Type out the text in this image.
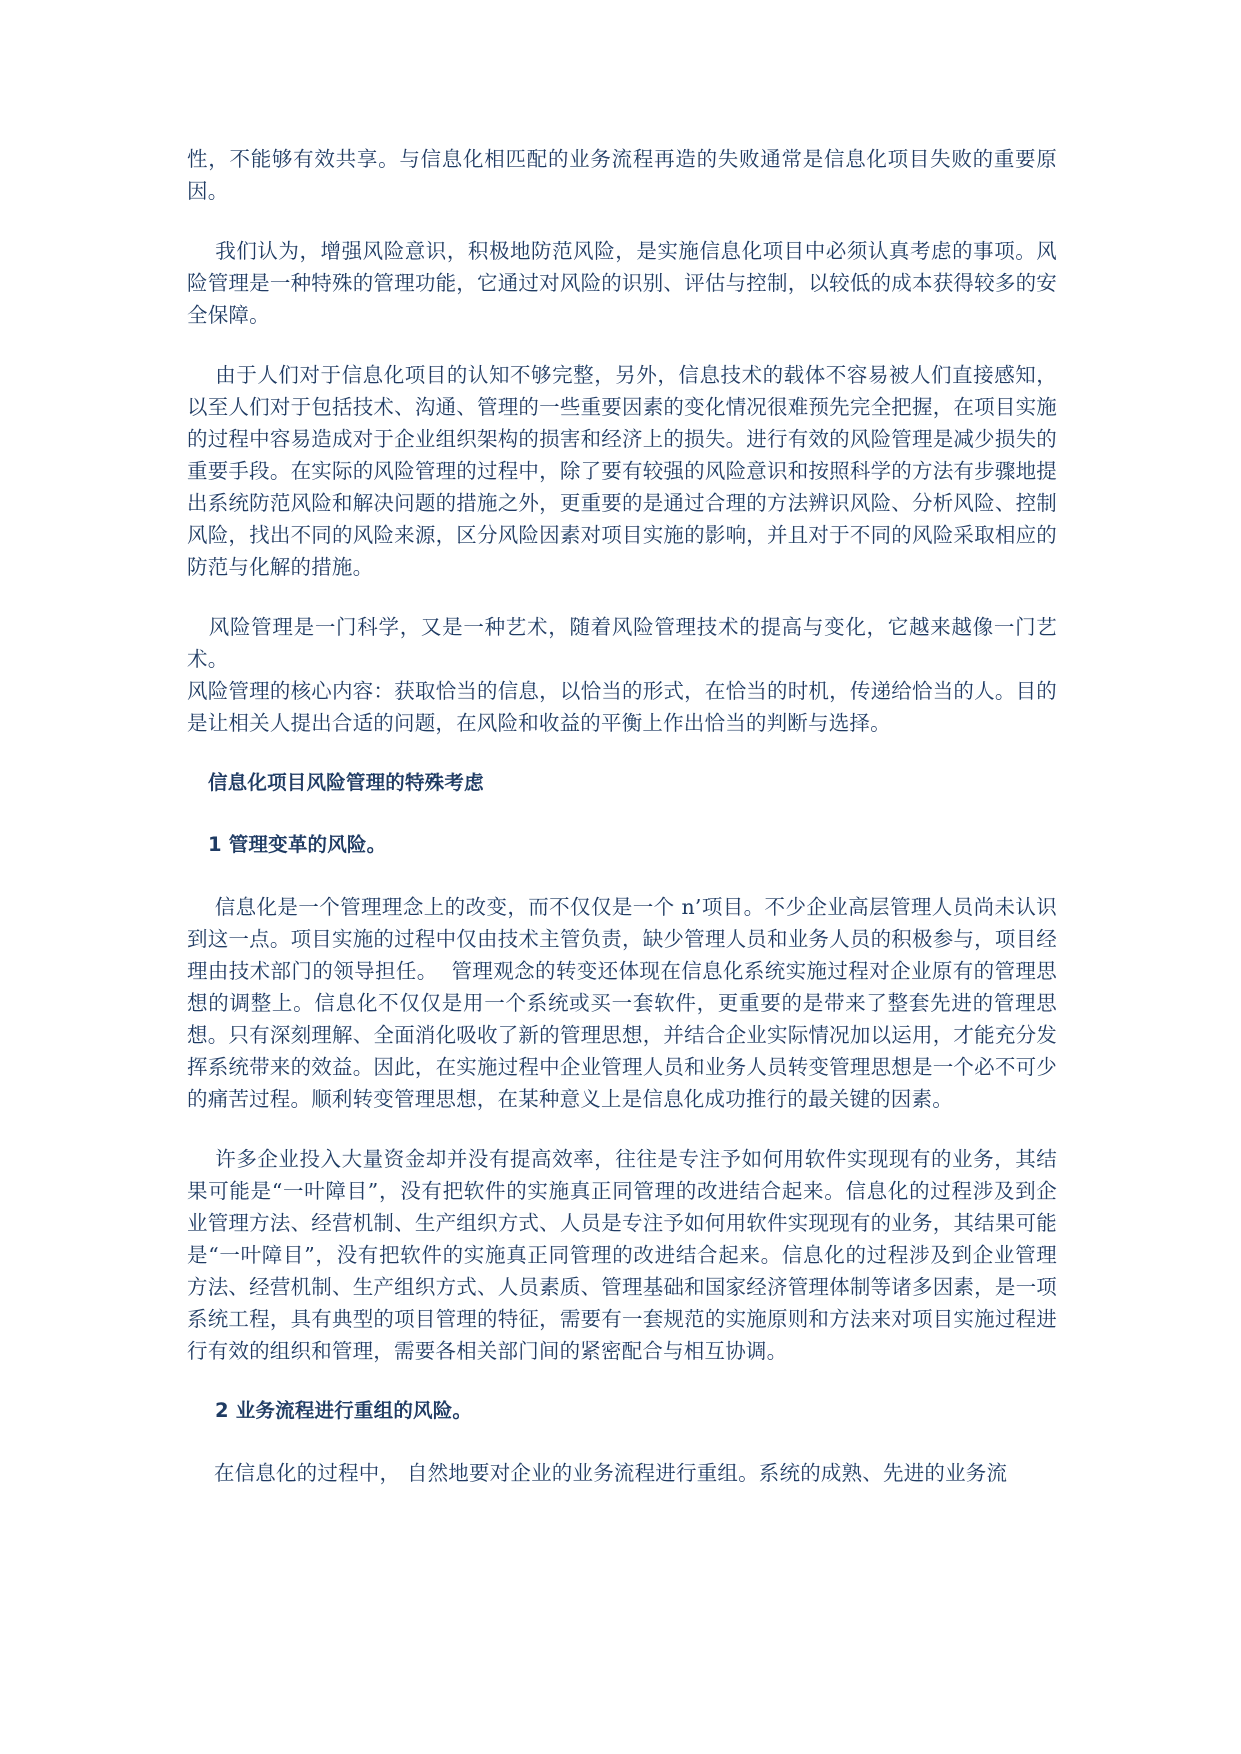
性，不能够有效共享。与信息化相匹配的业务流程再造的失败通常是信息化项目失败的重要原因。

我们认为，增强风险意识，积极地防范风险，是实施信息化项目中必须认真考虑的事项。风险管理是一种特殊的管理功能，它通过对风险的识别、评估与控制，以较低的成本获得较多的安全保障。

由于人们对于信息化项目的认知不够完整，另外，信息技术的载体不容易被人们直接感知，以至人们对于包括技术、沟通、管理的一些重要因素的变化情况很难预先完全把握，在项目实施的过程中容易造成对于企业组织架构的损害和经济上的损失。进行有效的风险管理是减少损失的重要手段。在实际的风险管理的过程中，除了要有较强的风险意识和按照科学的方法有步骤地提出系统防范风险和解决问题的措施之外，更重要的是通过合理的方法辨识风险、分析风险、控制风险，找出不同的风险来源，区分风险因素对项目实施的影响，并且对于不同的风险采取相应的防范与化解的措施。

风险管理是一门科学，又是一种艺术，随着风险管理技术的提高与变化，它越来越像一门艺术。

风险管理的核心内容：获取恰当的信息，以恰当的形式，在恰当的时机，传递给恰当的人。目的是让相关人提出合适的问题，在风险和收益的平衡上作出恰当的判断与选择。

信息化项目风险管理的特殊考虑
1 管理变革的风险。

信息化是一个管理理念上的改变，而不仅仅是一个 n’项目。不少企业高层管理人员尚未认识到这一点。项目实施的过程中仅由技术主管负责，缺少管理人员和业务人员的积极参与，项目经理由技术部门的领导担任。  管理观念的转变还体现在信息化系统实施过程对企业原有的管理思想的调整上。信息化不仅仅是用一个系统或买一套软件，更重要的是带来了整套先进的管理思想。只有深刻理解、全面消化吸收了新的管理思想，并结合企业实际情况加以运用，才能充分发挥系统带来的效益。因此，在实施过程中企业管理人员和业务人员转变管理思想是一个必不可少的痛苦过程。顺利转变管理思想，在某种意义上是信息化成功推行的最关键的因素。

许多企业投入大量资金却并没有提高效率，往往是专注予如何用软件实现现有的业务，其结果可能是“一叶障目”，没有把软件的实施真正同管理的改进结合起来。信息化的过程涉及到企业管理方法、经营机制、生产组织方式、人员是专注予如何用软件实现现有的业务，其结果可能是“一叶障目”，没有把软件的实施真正同管理的改进结合起来。信息化的过程涉及到企业管理方法、经营机制、生产组织方式、人员素质、管理基础和国家经济管理体制等诸多因素，是一项系统工程，具有典型的项目管理的特征，需要有一套规范的实施原则和方法来对项目实施过程进行有效的组织和管理，需要各相关部门间的紧密配合与相互协调。

2 业务流程进行重组的风险。

在信息化的过程中， 自然地要对企业的业务流程进行重组。系统的成熟、先进的业务流
